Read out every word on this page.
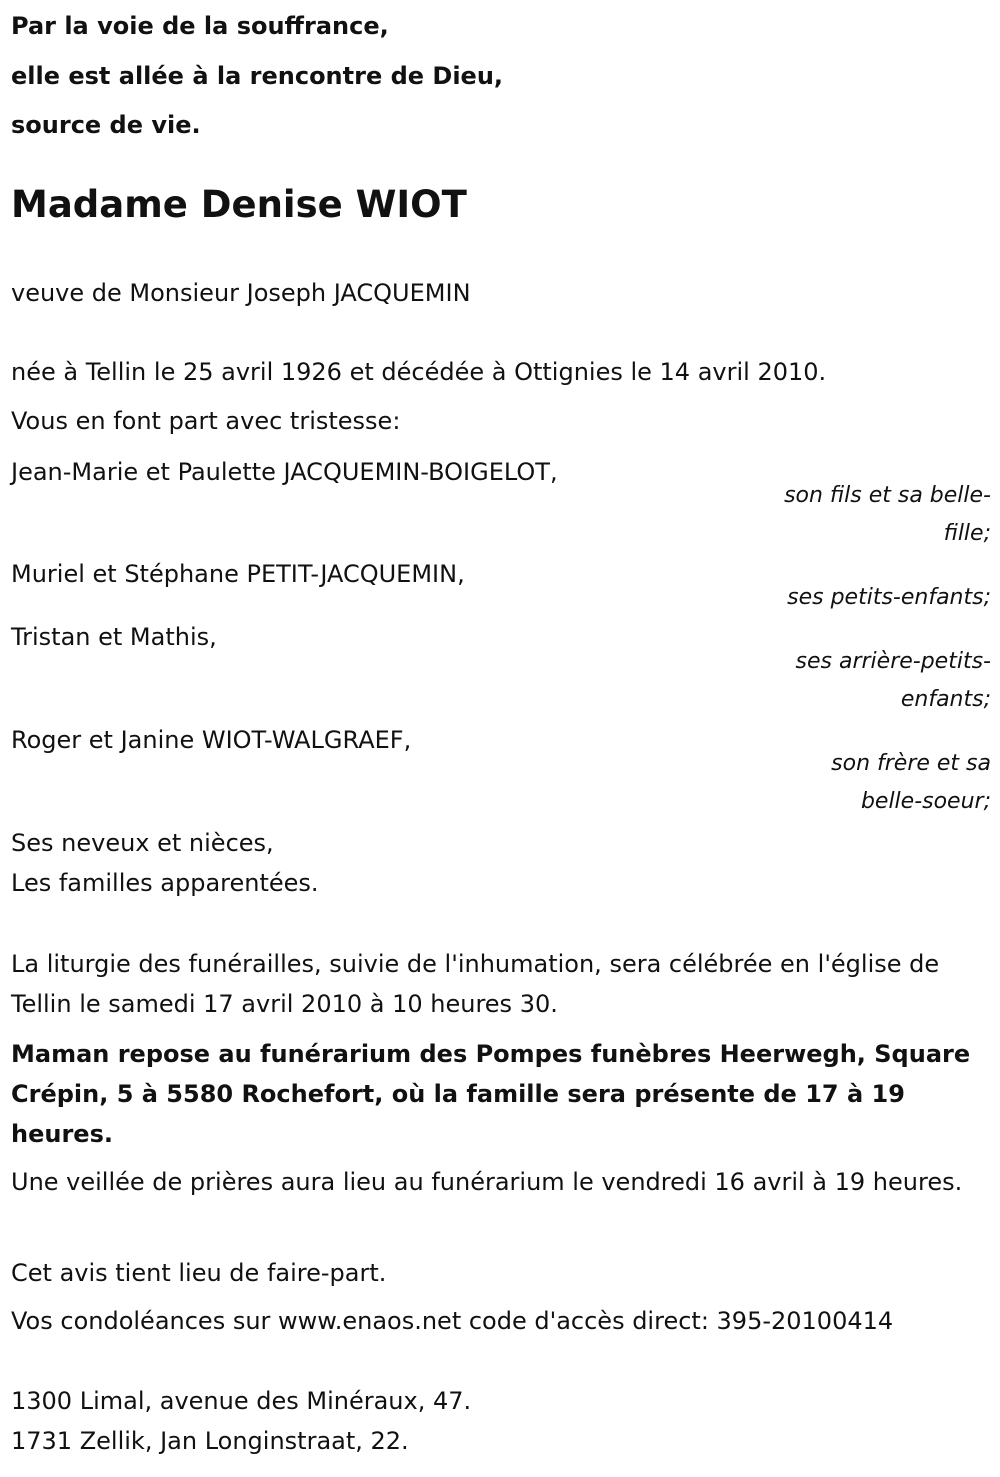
Par la voie de la souffrance,
elle est allée à la rencontre de Dieu,
source de vie.
Madame Denise WIOT
veuve de Monsieur Joseph JACQUEMIN
née à Tellin le 25 avril 1926 et décédée à Ottignies le 14 avril 2010.
Vous en font part avec tristesse:
Jean-Marie et Paulette JACQUEMIN-BOIGELOT,
son fils et sa belle-
fille;
Muriel et Stéphane PETIT-JACQUEMIN,
ses petits-enfants;
Tristan et Mathis,
ses arrière-petits-
enfants;
Roger et Janine WIOT-WALGRAEF,
son frère et sa
belle-soeur;
Ses neveux et nièces,
Les familles apparentées.
La liturgie des funérailles, suivie de l'inhumation, sera célébrée en l'église de Tellin le samedi 17 avril 2010 à 10 heures 30.
Maman repose au funérarium des Pompes funèbres Heerwegh, Square Crépin, 5 à 5580 Rochefort, où la famille sera présente de 17 à 19 heures.
Une veillée de prières aura lieu au funérarium le vendredi 16 avril à 19 heures.
Cet avis tient lieu de faire-part.
Vos condoléances sur www.enaos.net code d'accès direct: 395-20100414
1300 Limal, avenue des Minéraux, 47.
1731 Zellik, Jan Longinstraat, 22.
